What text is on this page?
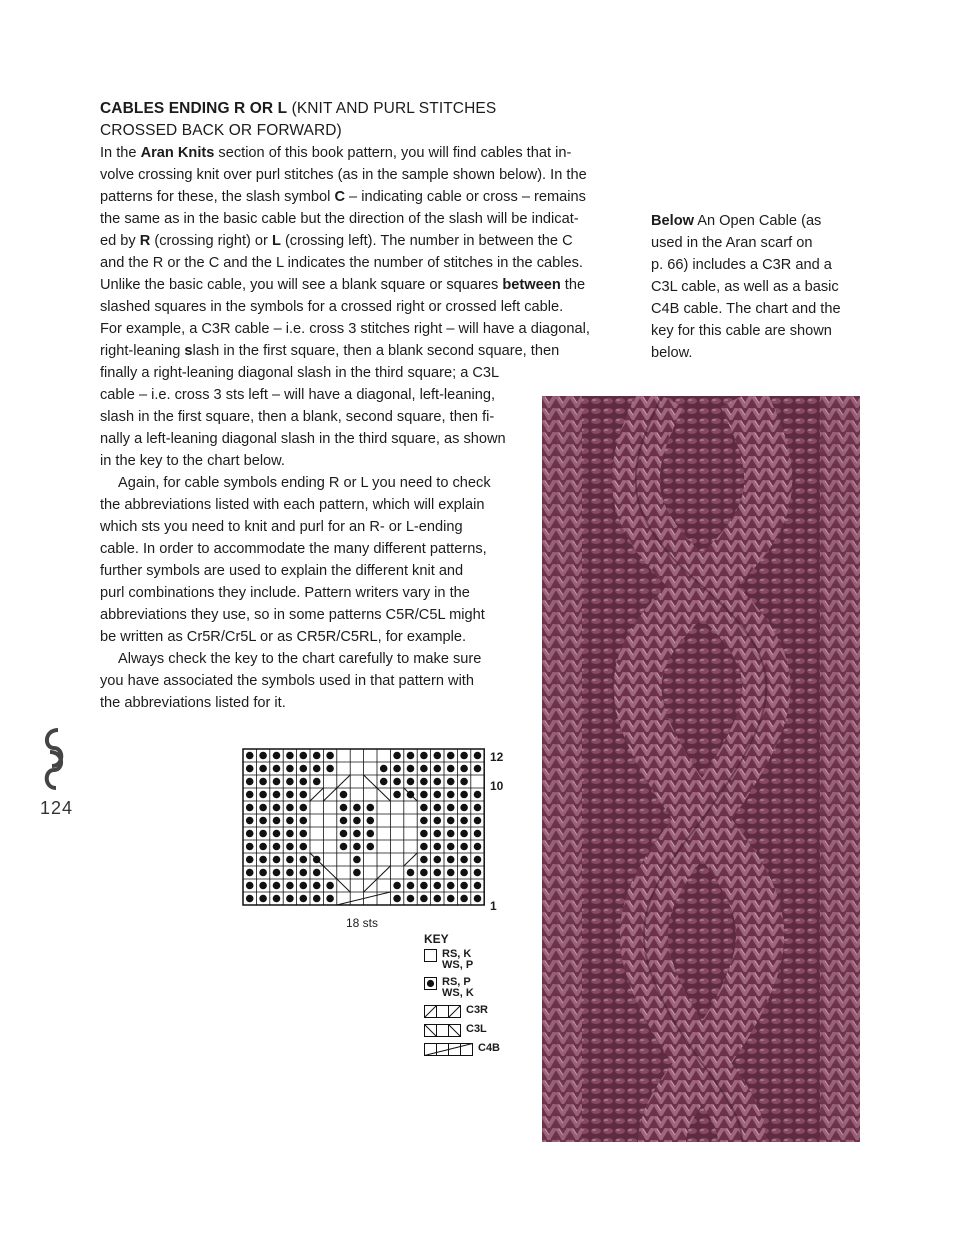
CABLES ENDING R OR L (KNIT AND PURL STITCHES
CROSSED BACK OR FORWARD)

In the Aran Knits section of this book pattern, you will find cables that in-
volve crossing knit over purl stitches (as in the sample shown below). In the
patterns for these, the slash symbol C – indicating cable or cross – remains
the same as in the basic cable but the direction of the slash will be indicat-
ed by R (crossing right) or L (crossing left). The number in between the C
and the R or the C and the L indicates the number of stitches in the cables.
Unlike the basic cable, you will see a blank square or squares between the
slashed squares in the symbols for a crossed right or crossed left cable.
For example, a C3R cable – i.e. cross 3 stitches right – will have a diagonal,
right-leaning slash in the first square, then a blank second square, then
finally a right-leaning diagonal slash in the third square; a C3L
cable – i.e. cross 3 sts left – will have a diagonal, left-leaning,
slash in the first square, then a blank, second square, then fi-
nally a left-leaning diagonal slash in the third square, as shown
in the key to the chart below.

Again, for cable symbols ending R or L you need to check
the abbreviations listed with each pattern, which will explain
which sts you need to knit and purl for an R- or L-ending
cable. In order to accommodate the many different patterns,
further symbols are used to explain the different knit and
purl combinations they include. Pattern writers vary in the
abbreviations they use, so in some patterns C5R/C5L might
be written as Cr5R/Cr5L or as CR5R/C5RL, for example.

Always check the key to the chart carefully to make sure
you have associated the symbols used in that pattern with
the abbreviations listed for it.

Below An Open Cable (as
used in the Aran scarf on
p. 66) includes a C3R and a
C3L cable, as well as a basic
C4B cable. The chart and the
key for this cable are shown
below.
124
12
10
1
18 sts
KEY
RS, K
WS, P
RS, P
WS, K
C3R
C3L
C4B
